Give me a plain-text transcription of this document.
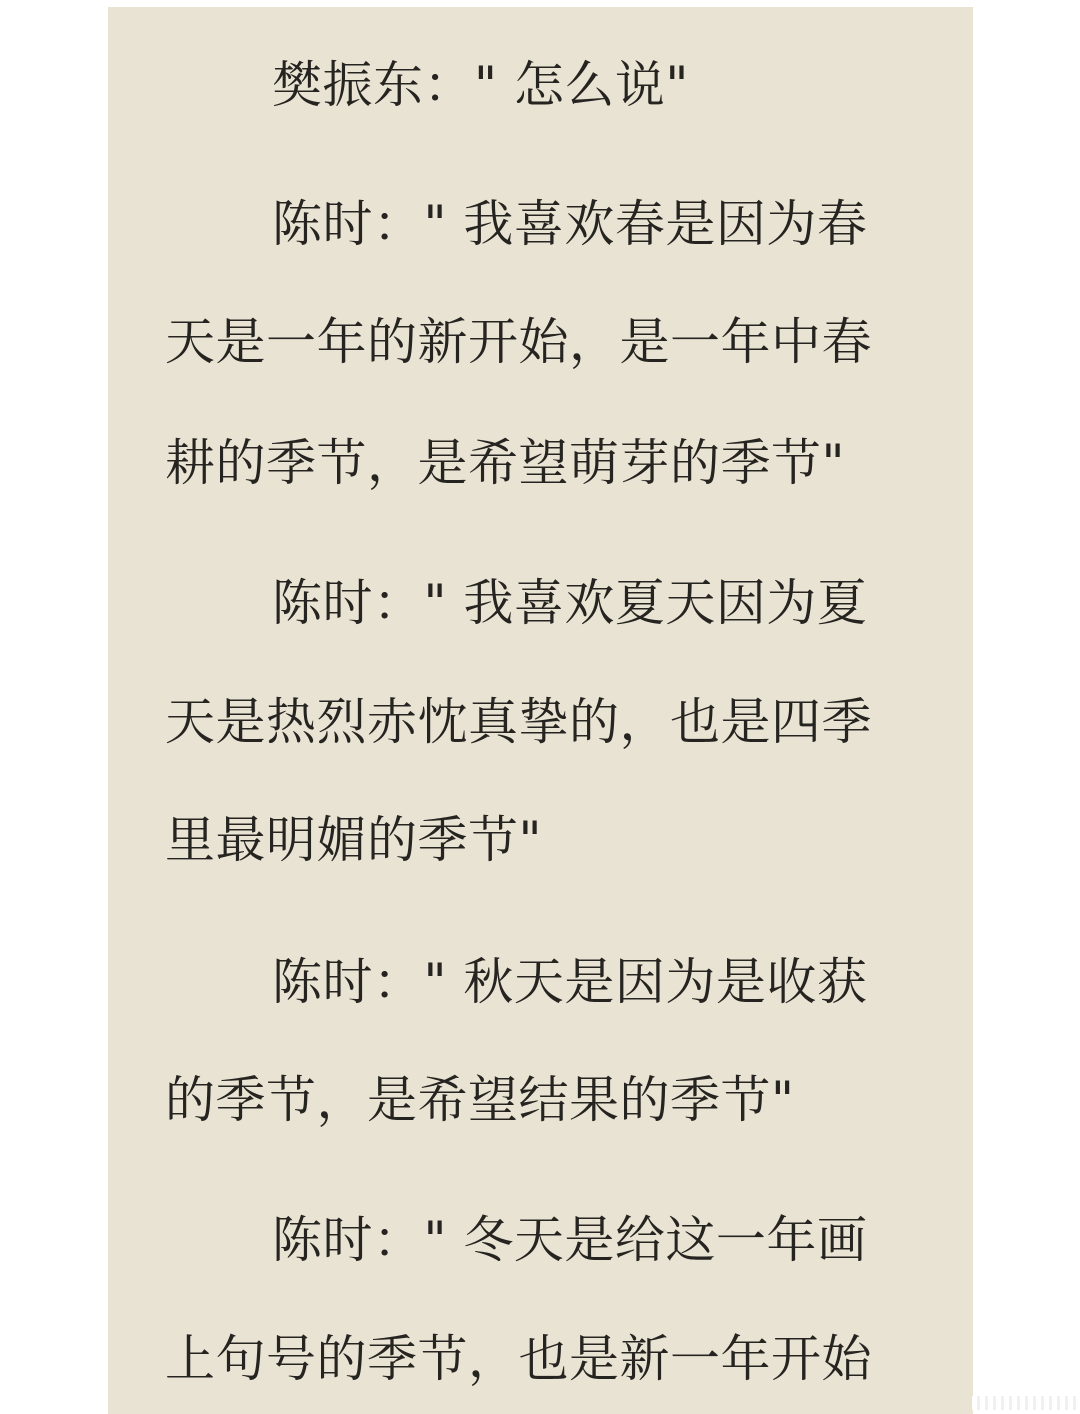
樊振东：" 怎么说"
陈时：" 我喜欢春是因为春
天是一年的新开始，是一年中春
耕的季节，是希望萌芽的季节"
陈时：" 我喜欢夏天因为夏
天是热烈赤忱真挚的，也是四季
里最明媚的季节"
陈时：" 秋天是因为是收获
的季节，是希望结果的季节"
陈时：" 冬天是给这一年画
上句号的季节，也是新一年开始
